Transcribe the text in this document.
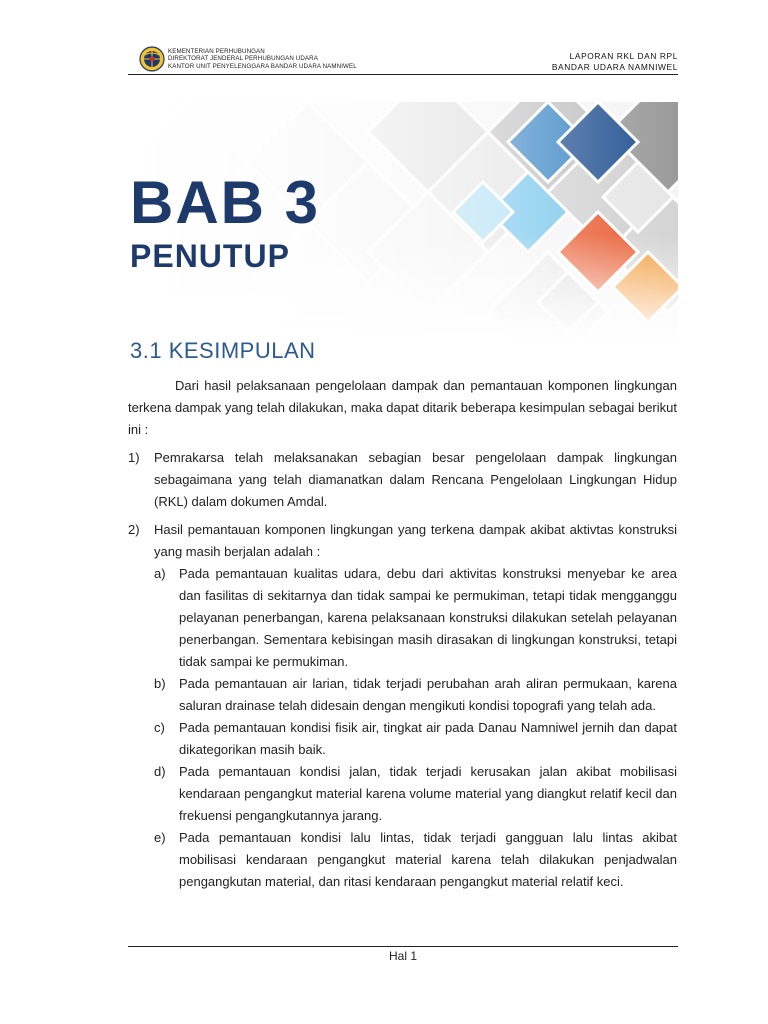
KEMENTERIAN PERHUBUNGAN
DIREKTORAT JENDERAL PERHUBUNGAN UDARA
KANTOR UNIT PENYELENGGARA BANDAR UDARA NAMNIWEL
LAPORAN RKL DAN RPL
BANDAR UDARA NAMNIWEL
BAB 3
PENUTUP
3.1 KESIMPULAN

Dari hasil pelaksanaan pengelolaan dampak dan pemantauan komponen lingkungan terkena dampak yang telah dilakukan, maka dapat ditarik beberapa kesimpulan sebagai berikut ini :

1) Pemrakarsa telah melaksanakan sebagian besar pengelolaan dampak lingkungan sebagaimana yang telah diamanatkan dalam Rencana Pengelolaan Lingkungan Hidup (RKL) dalam dokumen Amdal.
2) Hasil pemantauan komponen lingkungan yang terkena dampak akibat aktivtas konstruksi yang masih berjalan adalah :
a) Pada pemantauan kualitas udara, debu dari aktivitas konstruksi menyebar ke area dan fasilitas di sekitarnya dan tidak sampai ke permukiman, tetapi tidak mengganggu pelayanan penerbangan, karena pelaksanaan konstruksi dilakukan setelah pelayanan penerbangan. Sementara kebisingan masih dirasakan di lingkungan konstruksi, tetapi tidak sampai ke permukiman.
b) Pada pemantauan air larian, tidak terjadi perubahan arah aliran permukaan, karena saluran drainase telah didesain dengan mengikuti kondisi topografi yang telah ada.
c) Pada pemantauan kondisi fisik air, tingkat air pada Danau Namniwel jernih dan dapat dikategorikan masih baik.
d) Pada pemantauan kondisi jalan, tidak terjadi kerusakan jalan akibat mobilisasi kendaraan pengangkut material karena volume material yang diangkut relatif kecil dan frekuensi pengangkutannya jarang.
e) Pada pemantauan kondisi lalu lintas, tidak terjadi gangguan lalu lintas akibat mobilisasi kendaraan pengangkut material karena telah dilakukan penjadwalan pengangkutan material, dan ritasi kendaraan pengangkut material relatif keci.
Hal 1
